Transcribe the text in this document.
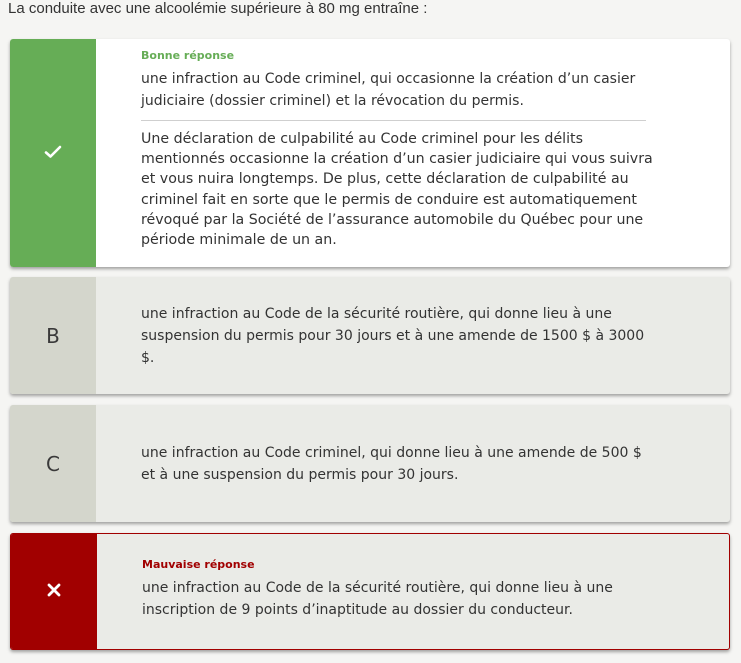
La conduite avec une alcoolémie supérieure à 80 mg entraîne :
Bonne réponse
une infraction au Code criminel, qui occasionne la création d’un casier judiciaire (dossier criminel) et la révocation du permis.
Une déclaration de culpabilité au Code criminel pour les délits mentionnés occasionne la création d’un casier judiciaire qui vous suivra et vous nuira longtemps. De plus, cette déclaration de culpabilité au criminel fait en sorte que le permis de conduire est automatiquement révoqué par la Société de l’assurance automobile du Québec pour une période minimale de un an.
B
une infraction au Code de la sécurité routière, qui donne lieu à une suspension du permis pour 30 jours et à une amende de 1500 $ à 3000 $.
C	une infraction au Code criminel, qui donne lieu à une amende de 500 $ et à une suspension du permis pour 30 jours.
Mauvaise réponse
une infraction au Code de la sécurité routière, qui donne lieu à une inscription de 9 points d’inaptitude au dossier du conducteur.
